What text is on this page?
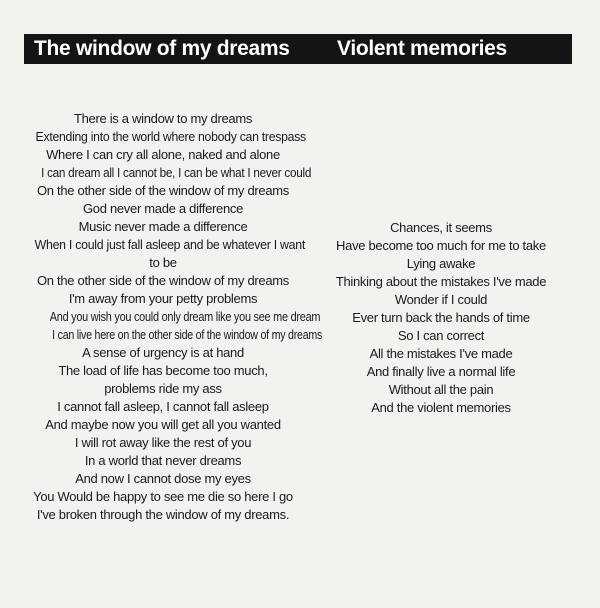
The window of my dreams Violent memories
There is a window to my dreams
Extending into the world where nobody can trespass
Where I can cry all alone, naked and alone
I can dream all I cannot be, I can be what I never could
On the other side of the window of my dreams
God never made a difference
Music never made a difference
When I could just fall asleep and be whatever I want
to be
On the other side of the window of my dreams
I'm away from your petty problems
And you wish you could only dream like you see me dream
I can live here on the other side of the window of my dreams
A sense of urgency is at hand
The load of life has become too much,
problems ride my ass
I cannot fall asleep, I cannot fall asleep
And maybe now you will get all you wanted
I will rot away like the rest of you
In a world that never dreams
And now I cannot dose my eyes
You Would be happy to see me die so here I go
I've broken through the window of my dreams.
Chances, it seems
Have become too much for me to take
Lying awake
Thinking about the mistakes I've made
Wonder if I could
Ever turn back the hands of time
So I can correct
All the mistakes I've made
And finally live a normal life
Without all the pain
And the violent memories
